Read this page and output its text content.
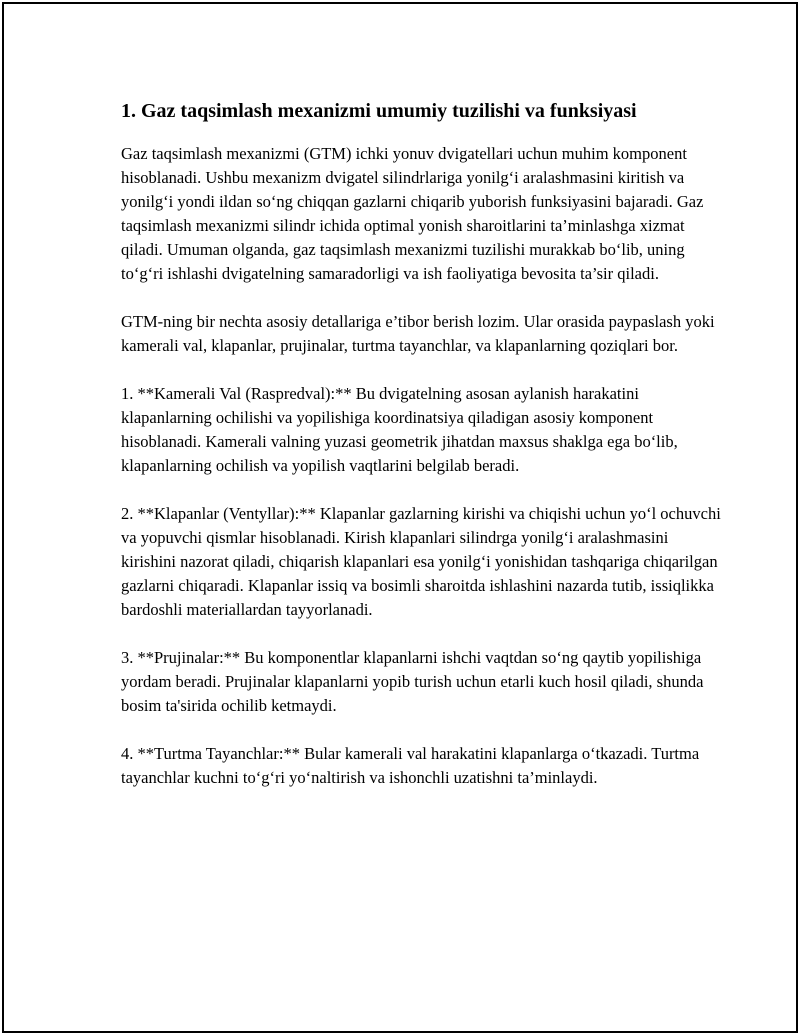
1. Gaz taqsimlash mexanizmi umumiy tuzilishi va funksiyasi

Gaz taqsimlash mexanizmi (GTM) ichki yonuv dvigatellari uchun muhim komponent hisoblanadi. Ushbu mexanizm dvigatel silindrlariga yonilg‘i aralashmasini kiritish va yonilg‘i yondi ildan so‘ng chiqqan gazlarni chiqarib yuborish funksiyasini bajaradi. Gaz taqsimlash mexanizmi silindr ichida optimal yonish sharoitlarini ta’minlashga xizmat qiladi. Umuman olganda, gaz taqsimlash mexanizmi tuzilishi murakkab bo‘lib, uning to‘g‘ri ishlashi dvigatelning samaradorligi va ish faoliyatiga bevosita ta’sir qiladi.

GTM-ning bir nechta asosiy detallariga e’tibor berish lozim. Ular orasida paypaslash yoki kamerali val, klapanlar, prujinalar, turtma tayanchlar, va klapanlarning qoziqlari bor.

1. **Kamerali Val (Raspredval):** Bu dvigatelning asosan aylanish harakatini klapanlarning ochilishi va yopilishiga koordinatsiya qiladigan asosiy komponent hisoblanadi. Kamerali valning yuzasi geometrik jihatdan maxsus shaklga ega bo‘lib, klapanlarning ochilish va yopilish vaqtlarini belgilab beradi.

2. **Klapanlar (Ventyllar):** Klapanlar gazlarning kirishi va chiqishi uchun yo‘l ochuvchi va yopuvchi qismlar hisoblanadi. Kirish klapanlari silindrga yonilg‘i aralashmasini kirishini nazorat qiladi, chiqarish klapanlari esa yonilg‘i yonishidan tashqariga chiqarilgan gazlarni chiqaradi. Klapanlar issiq va bosimli sharoitda ishlashini nazarda tutib, issiqlikka bardoshli materiallardan tayyorlanadi.

3. **Prujinalar:** Bu komponentlar klapanlarni ishchi vaqtdan so‘ng qaytib yopilishiga yordam beradi. Prujinalar klapanlarni yopib turish uchun etarli kuch hosil qiladi, shunda bosim ta'sirida ochilib ketmaydi.

4. **Turtma Tayanchlar:** Bular kamerali val harakatini klapanlarga o‘tkazadi. Turtma tayanchlar kuchni to‘g‘ri yo‘naltirish va ishonchli uzatishni ta’minlaydi.
